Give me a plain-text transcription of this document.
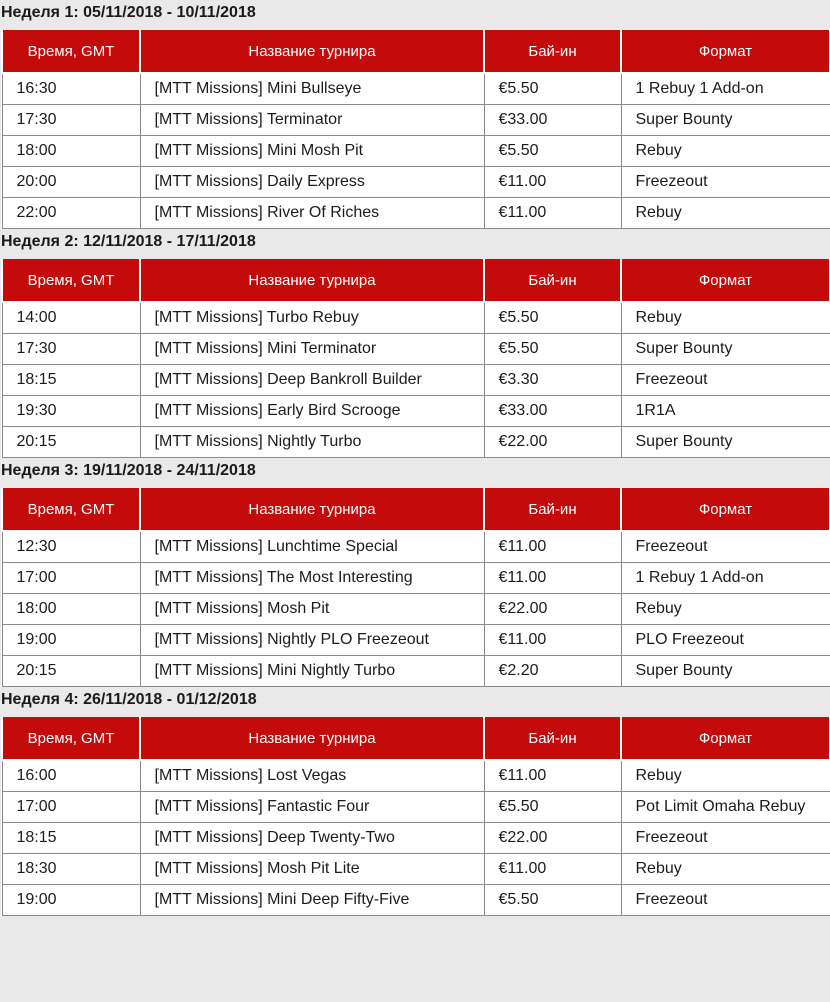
Неделя 1: 05/11/2018 - 10/11/2018
Время, GMT	Название турнира	Бай-ин	Формат
16:30	[MTT Missions] Mini Bullseye	€5.50	1 Rebuy 1 Add-on
17:30	[MTT Missions] Terminator	€33.00	Super Bounty
18:00	[MTT Missions] Mini Mosh Pit	€5.50	Rebuy
20:00	[MTT Missions] Daily Express	€11.00	Freezeout
22:00	[MTT Missions] River Of Riches	€11.00	Rebuy
Неделя 2: 12/11/2018 - 17/11/2018
Время, GMT	Название турнира	Бай-ин	Формат
14:00	[MTT Missions] Turbo Rebuy	€5.50	Rebuy
17:30	[MTT Missions] Mini Terminator	€5.50	Super Bounty
18:15	[MTT Missions] Deep Bankroll Builder	€3.30	Freezeout
19:30	[MTT Missions] Early Bird Scrooge	€33.00	1R1A
20:15	[MTT Missions] Nightly Turbo	€22.00	Super Bounty
Неделя 3: 19/11/2018 - 24/11/2018
Время, GMT	Название турнира	Бай-ин	Формат
12:30	[MTT Missions] Lunchtime Special	€11.00	Freezeout
17:00	[MTT Missions] The Most Interesting	€11.00	1 Rebuy 1 Add-on
18:00	[MTT Missions] Mosh Pit	€22.00	Rebuy
19:00	[MTT Missions] Nightly PLO Freezeout	€11.00	PLO Freezeout
20:15	[MTT Missions] Mini Nightly Turbo	€2.20	Super Bounty
Неделя 4: 26/11/2018 - 01/12/2018
Время, GMT	Название турнира	Бай-ин	Формат
16:00	[MTT Missions] Lost Vegas	€11.00	Rebuy
17:00	[MTT Missions] Fantastic Four	€5.50	Pot Limit Omaha Rebuy
18:15	[MTT Missions] Deep Twenty-Two	€22.00	Freezeout
18:30	[MTT Missions] Mosh Pit Lite	€11.00	Rebuy
19:00	[MTT Missions] Mini Deep Fifty-Five	€5.50	Freezeout
